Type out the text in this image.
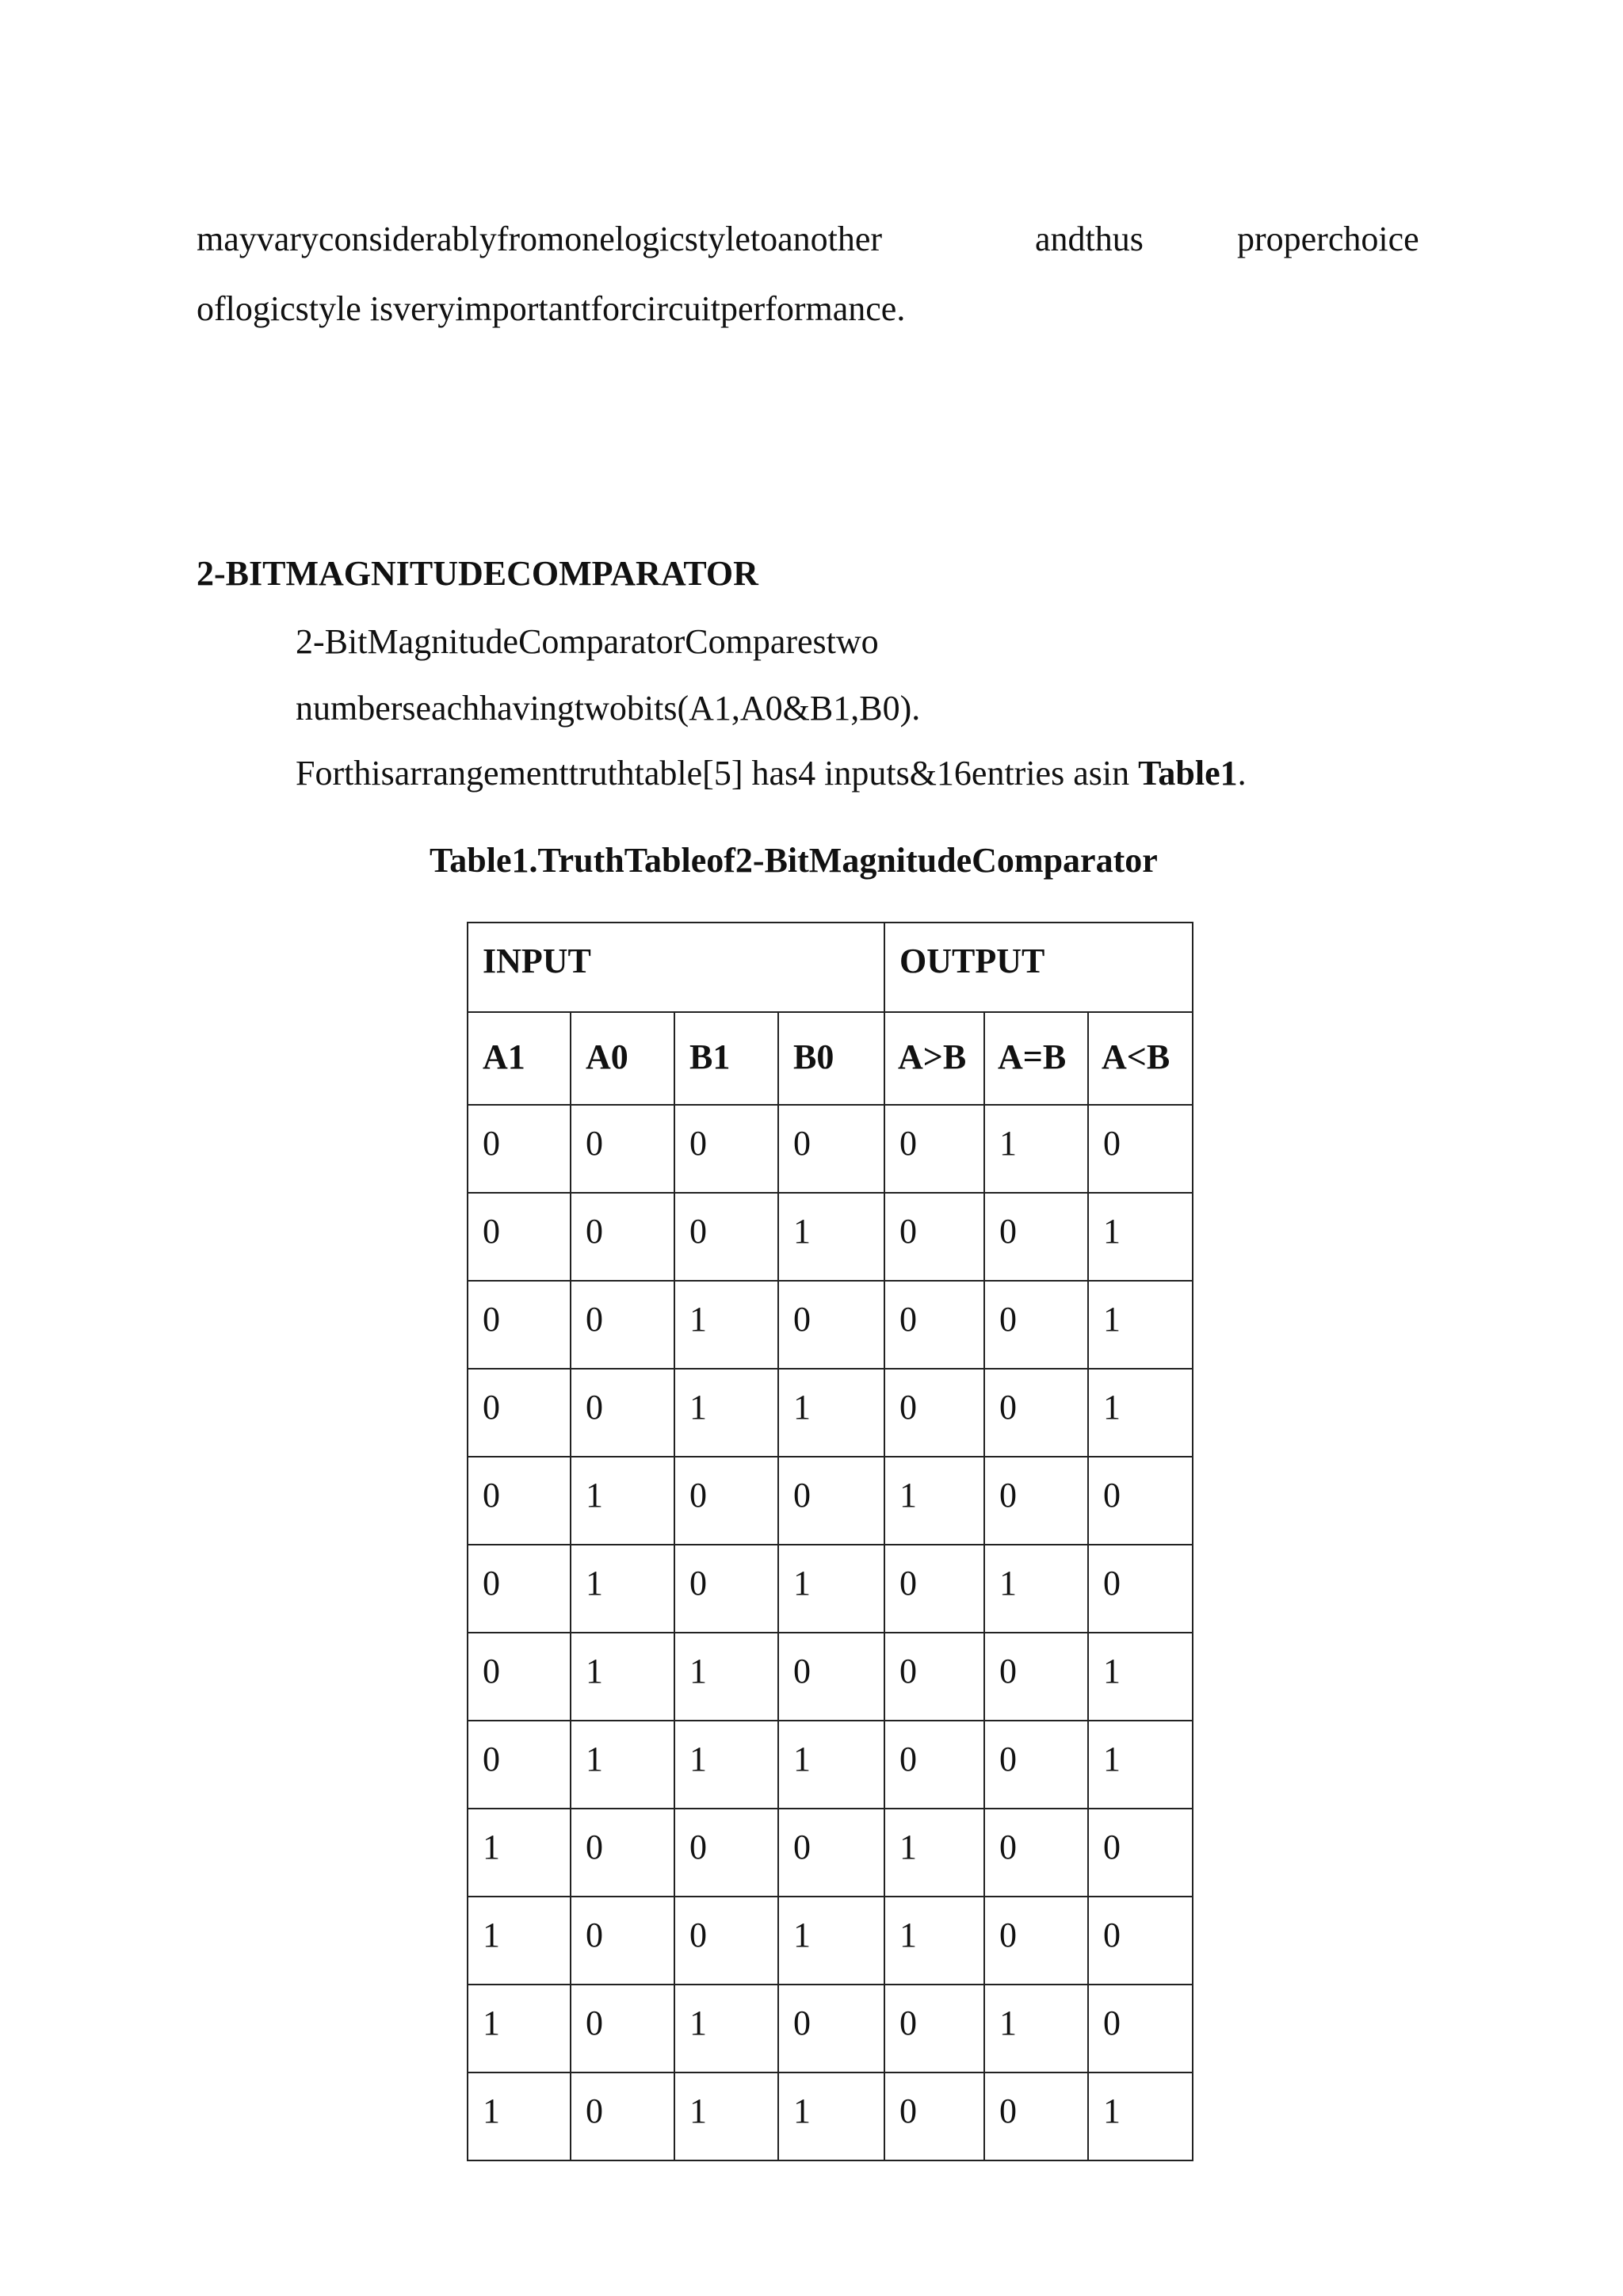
mayvaryconsiderablyfromonelogicstyletoanother	andthus	properchoice
oflogicstyle isveryimportantforcircuitperformance.
2-BITMAGNITUDECOMPARATOR
2-BitMagnitudeComparatorComparestwo
numberseachhavingtwobits(A1,A0&B1,B0).
Forthisarrangementtruthtable[5] has4 inputs&16entries asin Table1.
Table1.TruthTableof2-BitMagnitudeComparator
INPUT				OUTPUT		

A1	A0	B1	B0	A>B	A=B	A<B

0	0	0	0	0	1	0

0	0	0	1	0	0	1

0	0	1	0	0	0	1

0	0	1	1	0	0	1

0	1	0	0	1	0	0

0	1	0	1	0	1	0

0	1	1	0	0	0	1

0	1	1	1	0	0	1

1	0	0	0	1	0	0

1	0	0	1	1	0	0

1	0	1	0	0	1	0

1	0	1	1	0	0	1
